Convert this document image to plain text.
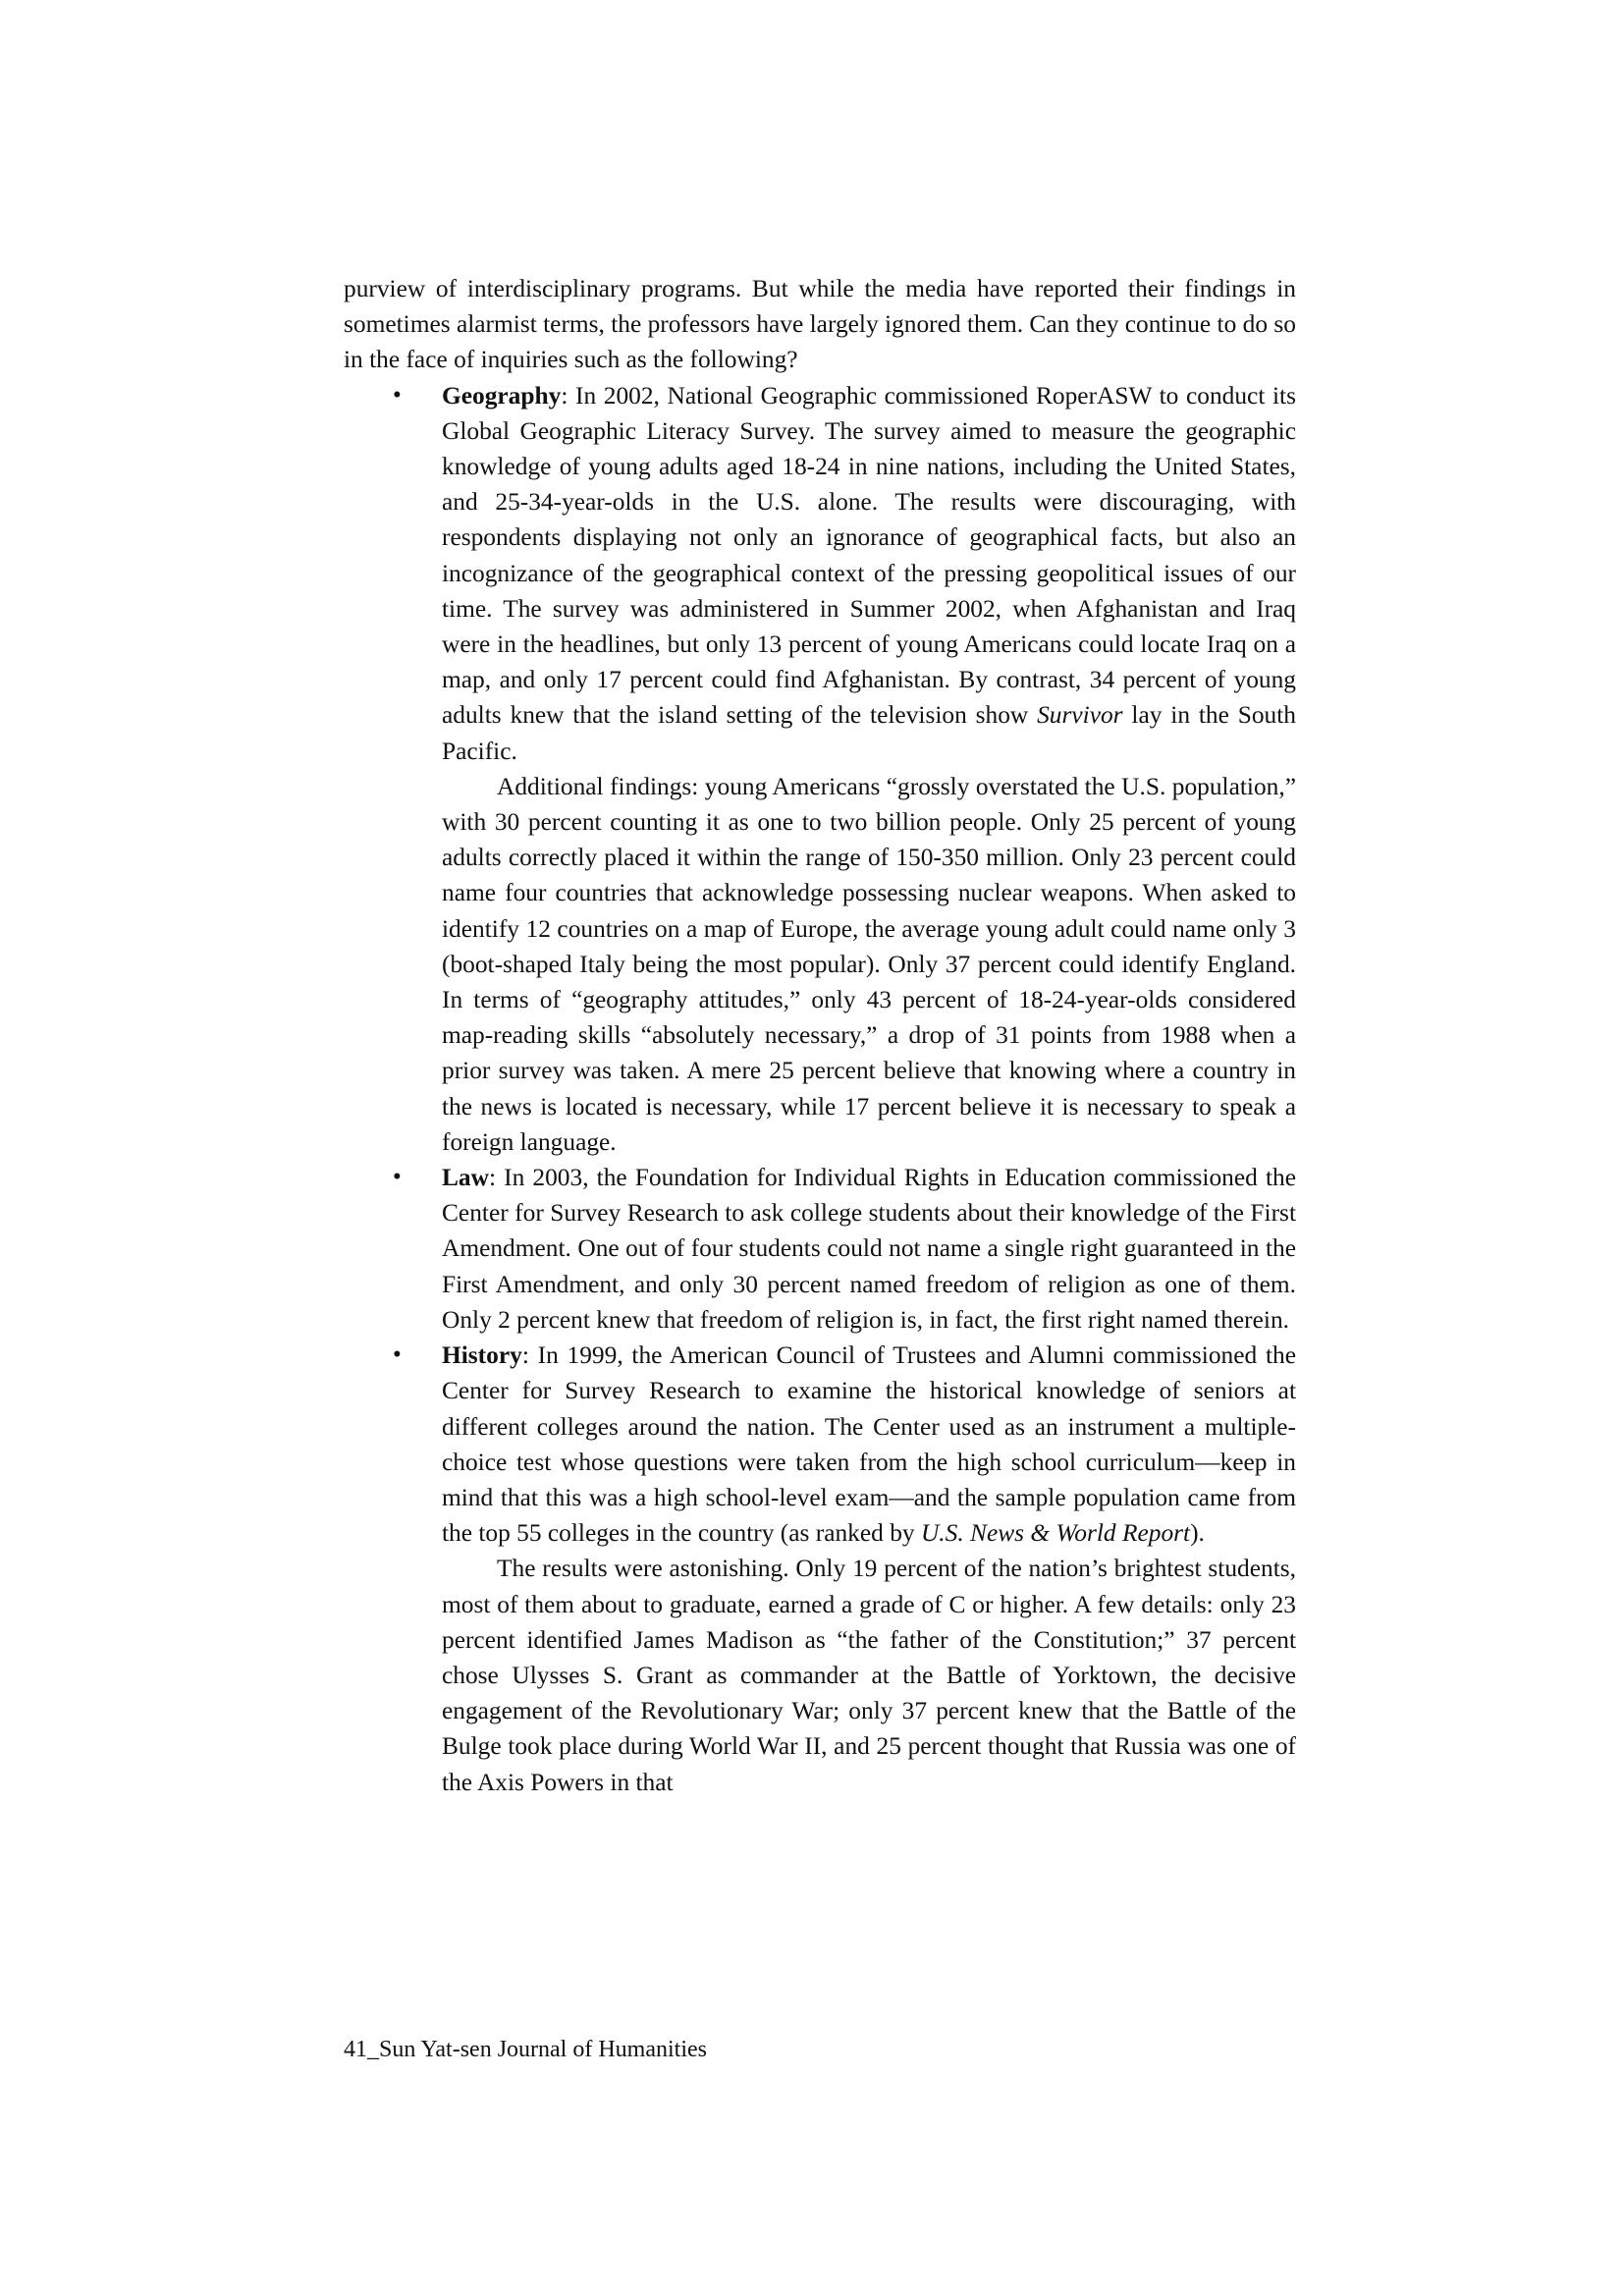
purview of interdisciplinary programs. But while the media have reported their findings in sometimes alarmist terms, the professors have largely ignored them. Can they continue to do so in the face of inquiries such as the following?

• Geography: In 2002, National Geographic commissioned RoperASW to conduct its Global Geographic Literacy Survey. The survey aimed to measure the geographic knowledge of young adults aged 18-24 in nine nations, including the United States, and 25-34-year-olds in the U.S. alone. The results were discouraging, with respondents displaying not only an ignorance of geographical facts, but also an incognizance of the geographical context of the pressing geopolitical issues of our time. The survey was administered in Summer 2002, when Afghanistan and Iraq were in the headlines, but only 13 percent of young Americans could locate Iraq on a map, and only 17 percent could find Afghanistan. By contrast, 34 percent of young adults knew that the island setting of the television show Survivor lay in the South Pacific.

Additional findings: young Americans “grossly overstated the U.S. population,” with 30 percent counting it as one to two billion people. Only 25 percent of young adults correctly placed it within the range of 150-350 million. Only 23 percent could name four countries that acknowledge possessing nuclear weapons. When asked to identify 12 countries on a map of Europe, the average young adult could name only 3 (boot-shaped Italy being the most popular). Only 37 percent could identify England. In terms of “geography attitudes,” only 43 percent of 18-24-year-olds considered map-reading skills “absolutely necessary,” a drop of 31 points from 1988 when a prior survey was taken. A mere 25 percent believe that knowing where a country in the news is located is necessary, while 17 percent believe it is necessary to speak a foreign language.

• Law: In 2003, the Foundation for Individual Rights in Education commissioned the Center for Survey Research to ask college students about their knowledge of the First Amendment. One out of four students could not name a single right guaranteed in the First Amendment, and only 30 percent named freedom of religion as one of them. Only 2 percent knew that freedom of religion is, in fact, the first right named therein.

• History: In 1999, the American Council of Trustees and Alumni commissioned the Center for Survey Research to examine the historical knowledge of seniors at different colleges around the nation. The Center used as an instrument a multiple-choice test whose questions were taken from the high school curriculum—keep in mind that this was a high school-level exam—and the sample population came from the top 55 colleges in the country (as ranked by U.S. News & World Report).

The results were astonishing. Only 19 percent of the nation’s brightest students, most of them about to graduate, earned a grade of C or higher. A few details: only 23 percent identified James Madison as “the father of the Constitution;” 37 percent chose Ulysses S. Grant as commander at the Battle of Yorktown, the decisive engagement of the Revolutionary War; only 37 percent knew that the Battle of the Bulge took place during World War II, and 25 percent thought that Russia was one of the Axis Powers in that

41_Sun Yat-sen Journal of Humanities
